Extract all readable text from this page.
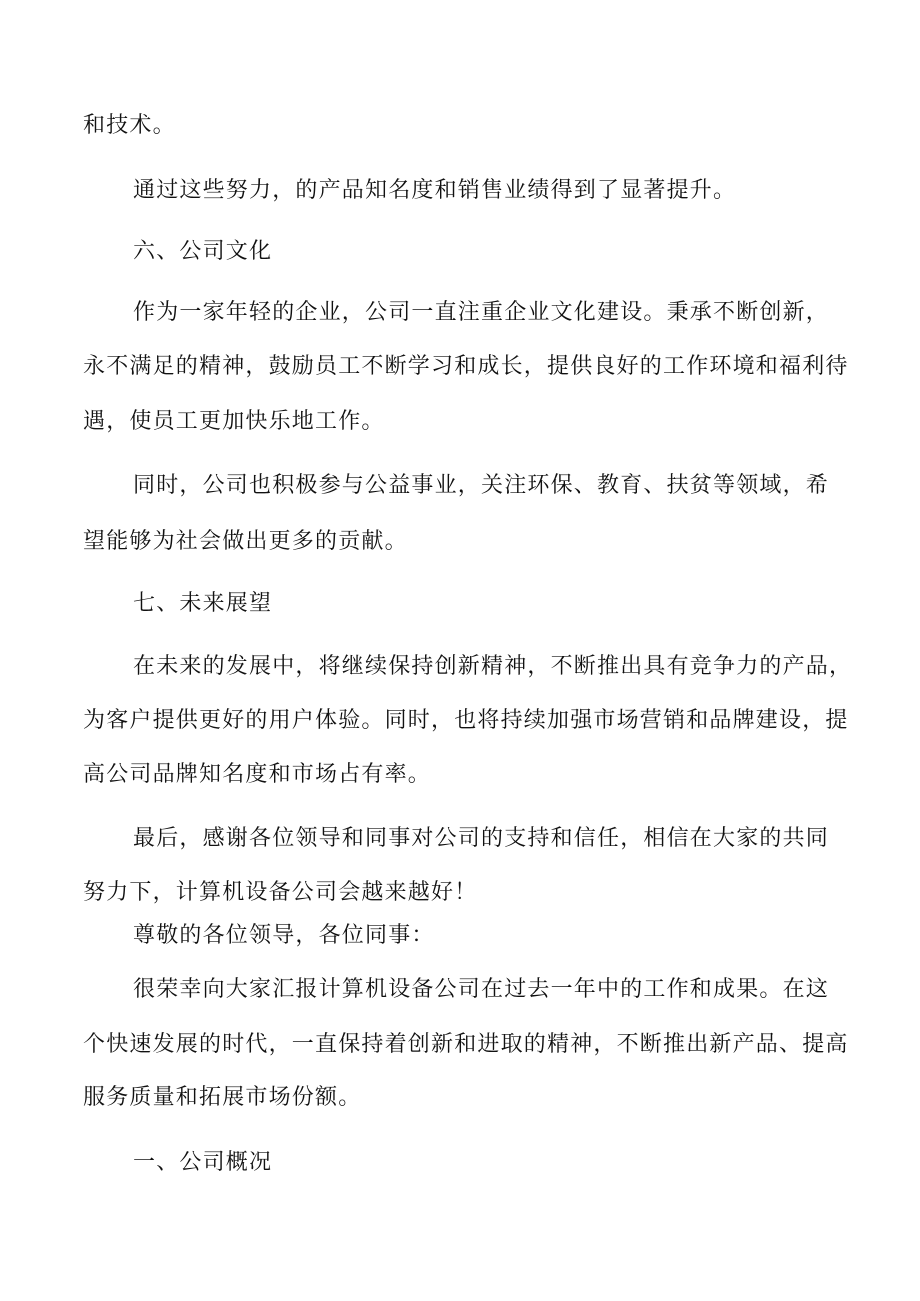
和技术。
通过这些努力，的产品知名度和销售业绩得到了显著提升。
六、公司文化
作为一家年轻的企业，公司一直注重企业文化建设。秉承不断创新，
永不满足的精神，鼓励员工不断学习和成长，提供良好的工作环境和福利待
遇，使员工更加快乐地工作。
同时，公司也积极参与公益事业，关注环保、教育、扶贫等领域，希
望能够为社会做出更多的贡献。
七、未来展望
在未来的发展中，将继续保持创新精神，不断推出具有竞争力的产品，
为客户提供更好的用户体验。同时，也将持续加强市场营销和品牌建设，提
高公司品牌知名度和市场占有率。
最后，感谢各位领导和同事对公司的支持和信任，相信在大家的共同
努力下，计算机设备公司会越来越好！
尊敬的各位领导，各位同事：
很荣幸向大家汇报计算机设备公司在过去一年中的工作和成果。在这
个快速发展的时代，一直保持着创新和进取的精神，不断推出新产品、提高
服务质量和拓展市场份额。
一、公司概况
